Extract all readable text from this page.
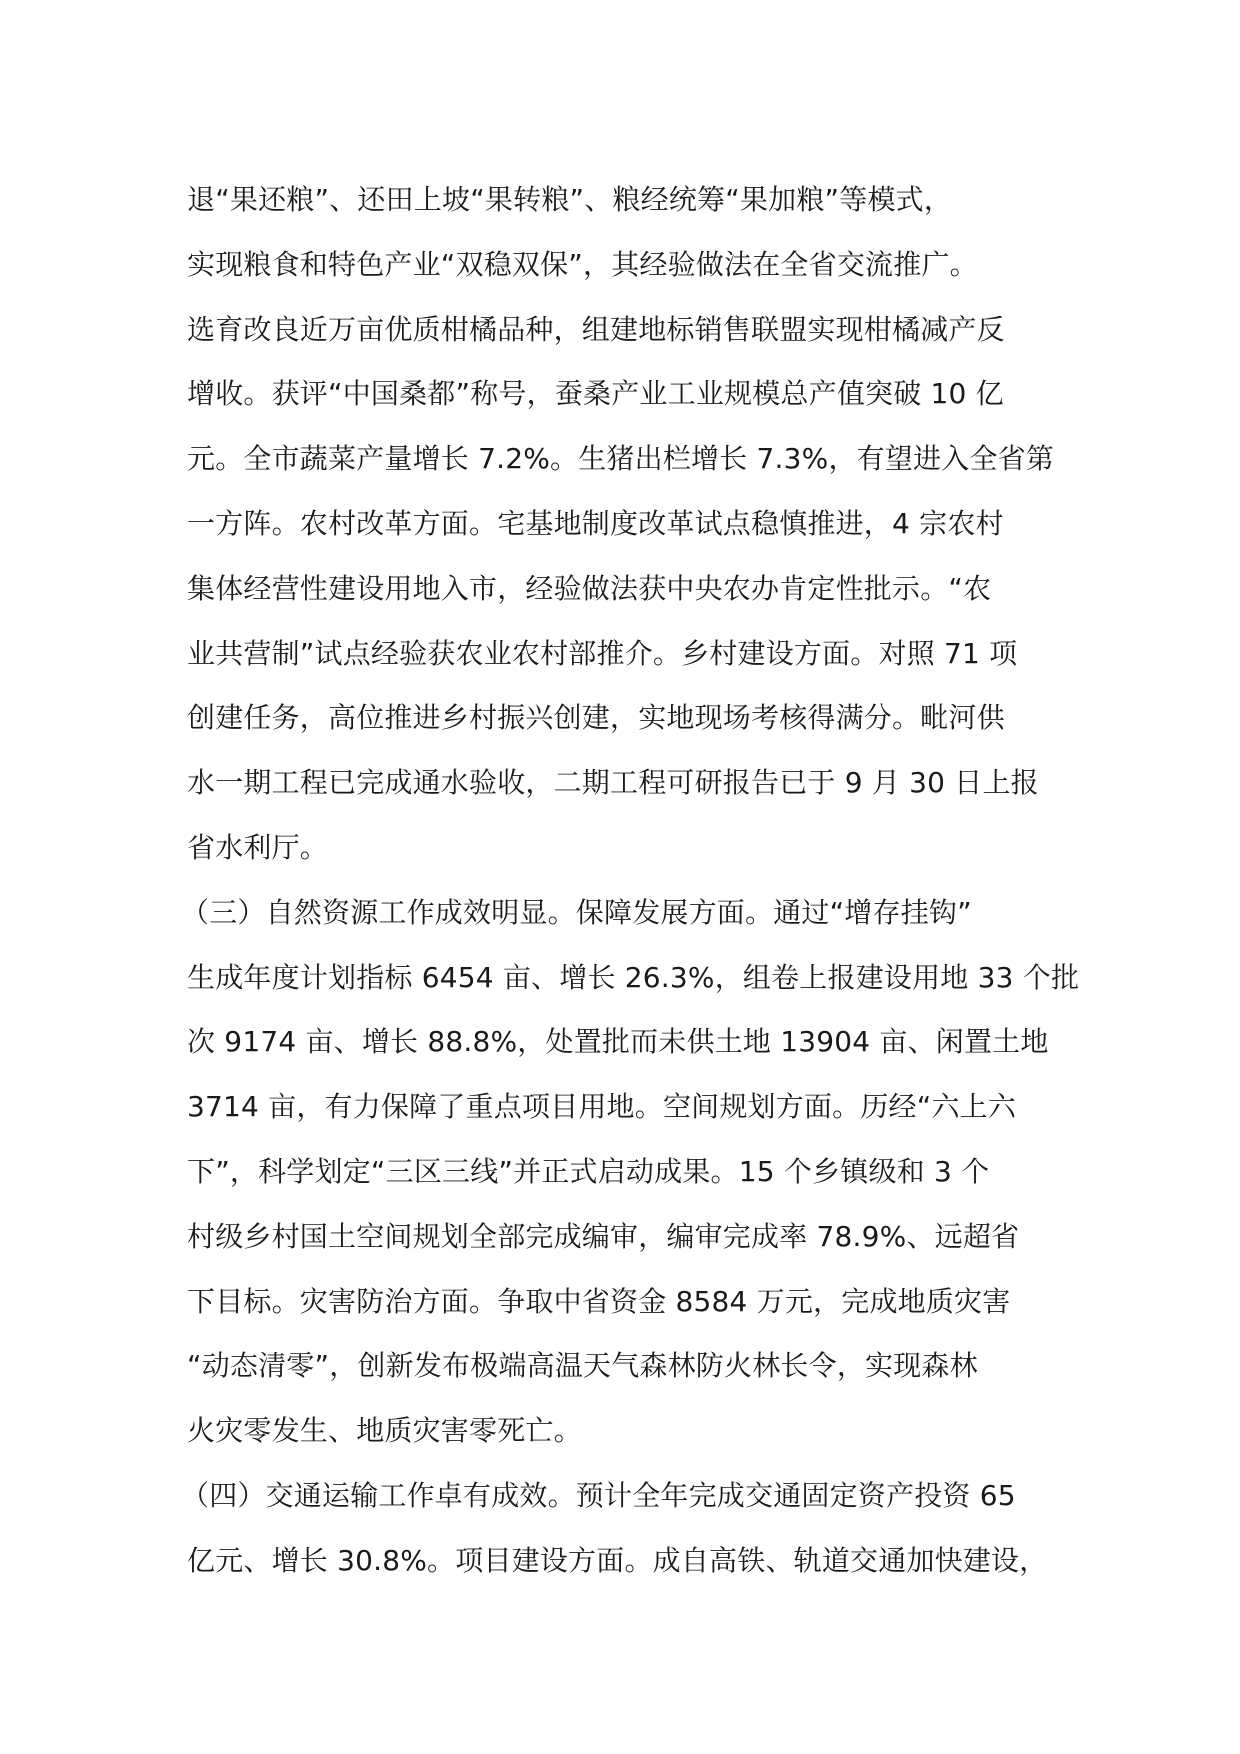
退“果还粮”、还田上坡“果转粮”、粮经统筹“果加粮”等模式，
实现粮食和特色产业“双稳双保”，其经验做法在全省交流推广。
选育改良近万亩优质柑橘品种，组建地标销售联盟实现柑橘减产反
增收。获评“中国桑都”称号，蚕桑产业工业规模总产值突破 10 亿
元。全市蔬菜产量增长 7.2%。生猪出栏增长 7.3%，有望进入全省第
一方阵。农村改革方面。宅基地制度改革试点稳慎推进，4 宗农村
集体经营性建设用地入市，经验做法获中央农办肯定性批示。“农
业共营制”试点经验获农业农村部推介。乡村建设方面。对照 71 项
创建任务，高位推进乡村振兴创建，实地现场考核得满分。毗河供
水一期工程已完成通水验收，二期工程可研报告已于 9 月 30 日上报
省水利厅。
（三）自然资源工作成效明显。保障发展方面。通过“增存挂钩”
生成年度计划指标 6454 亩、增长 26.3%，组卷上报建设用地 33 个批
次 9174 亩、增长 88.8%，处置批而未供土地 13904 亩、闲置土地
3714 亩，有力保障了重点项目用地。空间规划方面。历经“六上六
下”，科学划定“三区三线”并正式启动成果。15 个乡镇级和 3 个
村级乡村国土空间规划全部完成编审，编审完成率 78.9%、远超省
下目标。灾害防治方面。争取中省资金 8584 万元，完成地质灾害
“动态清零”，创新发布极端高温天气森林防火林长令，实现森林
火灾零发生、地质灾害零死亡。
（四）交通运输工作卓有成效。预计全年完成交通固定资产投资 65
亿元、增长 30.8%。项目建设方面。成自高铁、轨道交通加快建设，
